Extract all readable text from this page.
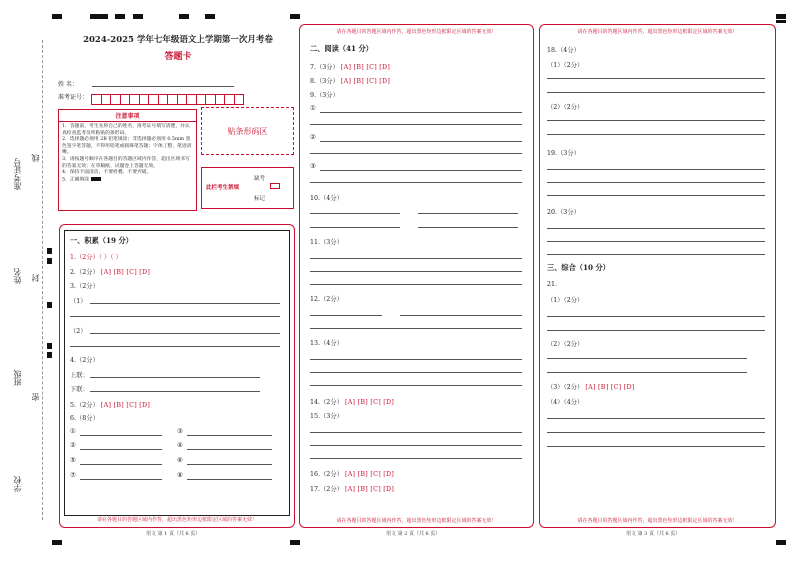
准考证号 线
姓名 封
班级
密
学校
2024-2025 学年七年级语文上学期第一次月考卷
答题卡
姓 名：
准考证号：
注意事项
1．答题前，考生先将自己的姓名，准考证号填写清楚，并认真检查监考员所粘贴的条形码。
2．选择题必须用 2B 铅笔填涂；非选择题必须用 0.5mm 黑色签字笔答题，不得用铅笔或圆珠笔答题；字体工整、笔迹清晰。
3．请按题号顺序在各题目的答题区域内作答，超出区域书写的答案无效；在草稿纸、试题卷上答题无效。
4．保持卡面清洁，不要折叠、不要弄破。
5．正确填涂
贴条形码区
此栏考生禁填
缺考
标记
一、积累（19 分）
1.（2分）（ ）（ ）
2.（2分） [A] [B] [C] [D]
3.（2分）
（1）
（2）
4.（2分）
上联：
下联：
5.（2分） [A] [B] [C] [D]
6.（8分）
①	③
②	④
⑤	⑥
⑦	⑧
请在各题目的答题区域内作答，超出黑色矩形边框限定区域的答案无效！
语文 第 1 页（共 6 页）
请在各题目的答题区域内作答，超出黑色矩形边框限定区域的答案无效！
请在各题目的答题区域内作答，超出黑色矩形边框限定区域的答案无效！
二、阅读（41 分）
7.（3分） [A] [B] [C] [D]
8.（3分） [A] [B] [C] [D]
9.（3分）
①
②
③
10.（4分）
11.（3分）
12.（2分）
13.（4分）
14.（2分） [A] [B] [C] [D]
15.（3分）
16.（2分） [A] [B] [C] [D]
17.（2分） [A] [B] [C] [D]
语文 第 2 页（共 6 页）
请在各题目的答题区域内作答，超出黑色矩形边框限定区域的答案无效！
请在各题目的答题区域内作答，超出黑色矩形边框限定区域的答案无效！
18.（4分）
（1）（2分）
（2）（2分）
19.（3分）
20.（3分）
三、综合（10 分）
21.
（1）（2分）
（2）（2分）
（3）（2分） [A] [B] [C] [D]
（4）（4分）
语文 第 3 页（共 6 页）
